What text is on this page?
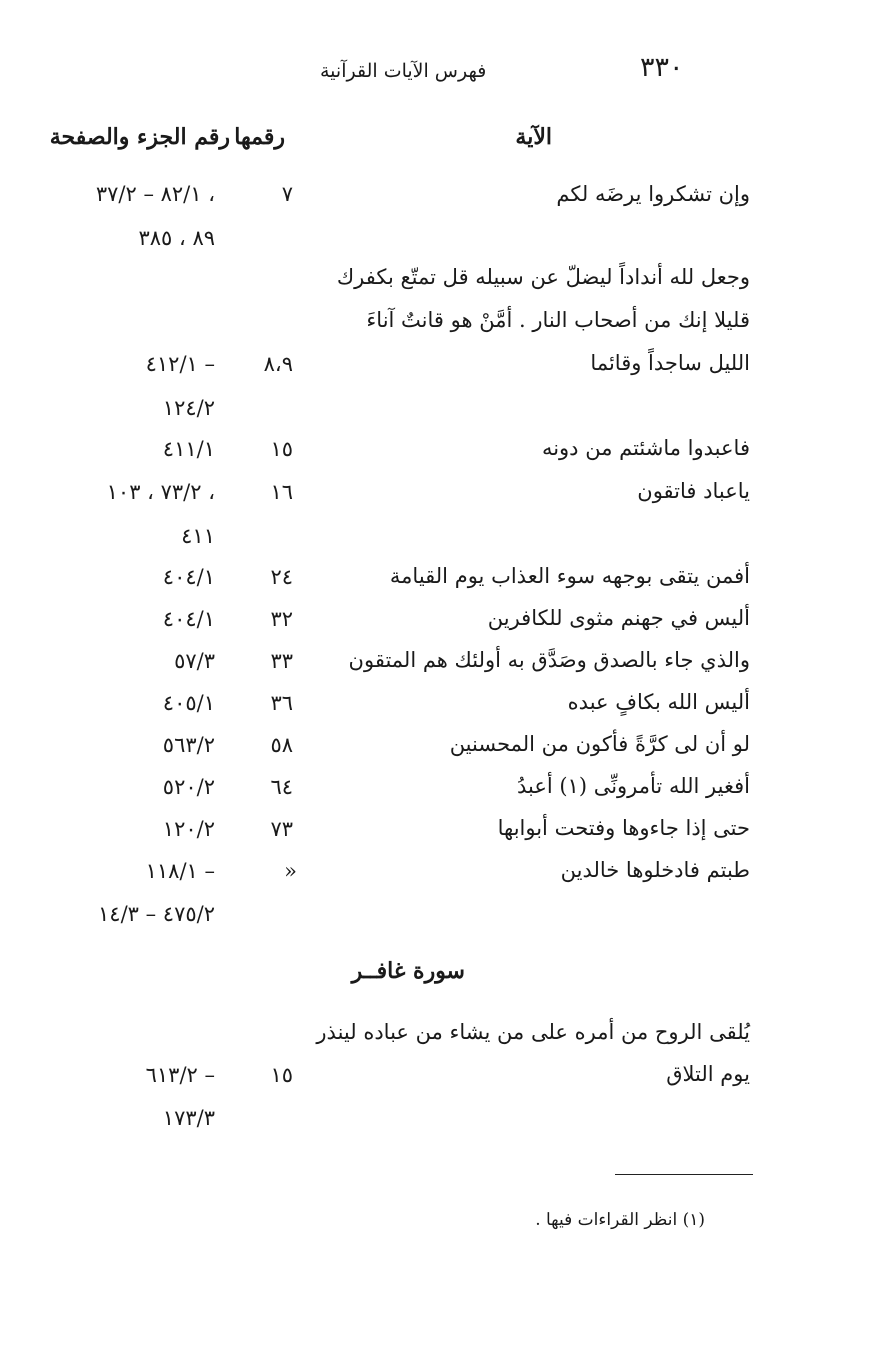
٣٣٠
فهرس الآيات القرآنية
الآية
رقمها
رقم الجزء والصفحة
وإن تشكروا يرضَه لكم
٧
٨٢/١ – ٣٧/٢ ،
٨٩ ، ٣٨٥
وجعل لله أنداداً ليضلّ عن سبيله قل تمتّع بكفرك
قليلا إنك من أصحاب النار . أمَّنْ هو قانتٌ آناءَ
الليل ساجداً وقائما
٨،٩
٤١٢/١ –
١٢٤/٢
فاعبدوا ماشئتم من دونه
١٥
٤١١/١
ياعباد فاتقون
١٦
٧٣/٢ ، ١٠٣ ،
٤١١
أفمن يتقى بوجهه سوء العذاب يوم القيامة
٢٤
٤٠٤/١
أليس في جهنم مثوى للكافرين
٣٢
٤٠٤/١
والذي جاء بالصدق وصَدَّق به أولئك هم المتقون
٣٣
٥٧/٣
أليس الله بكافٍ عبده
٣٦
٤٠٥/١
لو أن لى كرَّةً فأكون من المحسنين
٥٨
٥٦٣/٢
أفغير الله تأمرونِّى (١) أعبدُ
٦٤
٥٢٠/٢
حتى إذا جاءوها وفتحت أبوابها
٧٣
١٢٠/٢
طبتم فادخلوها خالدين
»
١١٨/١ –
٤٧٥/٢ – ١٤/٣
سورة غافــر
يُلقى الروح من أمره على من يشاء من عباده لينذر
يوم التلاق
١٥
٦١٣/٢ –
١٧٣/٣
(١) انظر القراءات فيها .
